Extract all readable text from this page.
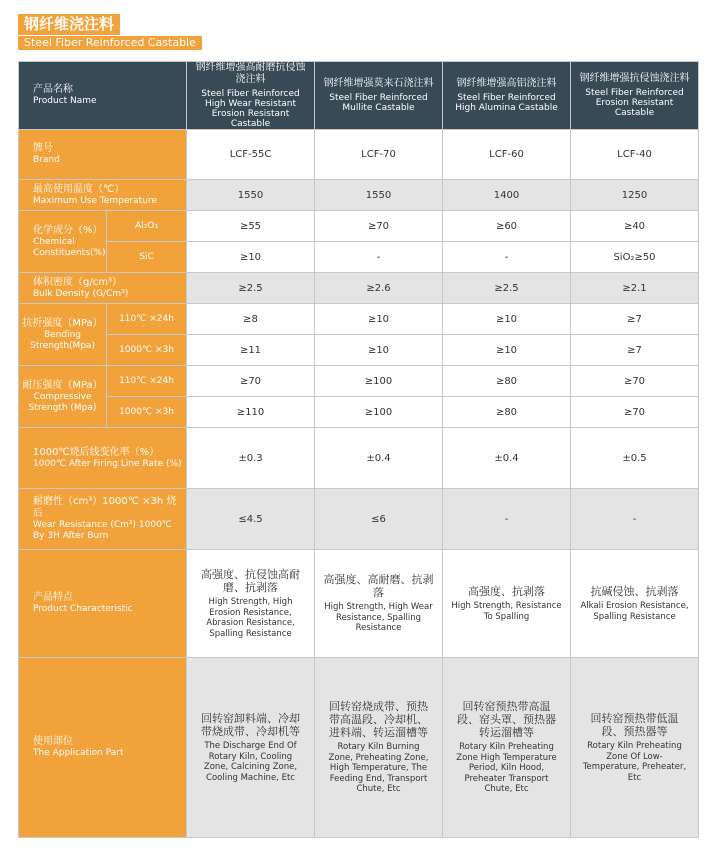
钢纤维浇注料
Steel Fiber Reinforced Castable
产品名称
Product Name		钢纤维增强高耐磨抗侵蚀浇注料
Steel Fiber Reinforced High Wear Resistant Erosion Resistant Castable	钢纤维增强莫来石浇注料
Steel Fiber Reinforced Mullite Castable	钢纤维增强高铝浇注料
Steel Fiber Reinforced High Alumina Castable	钢纤维增强抗侵蚀浇注料
Steel Fiber Reinforced Erosion Resistant Castable
牌号
Brand		LCF-55C	LCF-70	LCF-60	LCF-40
最高使用温度（℃）
Maximum Use Temperature		1550	1550	1400	1250
化学成分（%）
Chemical Constituents(%)	Al₂O₃	≥55	≥70	≥60	≥40
	SiC	≥10	-	-	SiO₂≥50
体积密度（g/cm³）
Bulk Density (G/Cm³)		≥2.5	≥2.6	≥2.5	≥2.1
抗折强度（MPa）
Bending Strength(Mpa)	110℃ ×24h	≥8	≥10	≥10	≥7
	1000℃ ×3h	≥11	≥10	≥10	≥7
耐压强度（MPa）
Compressive Strength (Mpa)	110℃ ×24h	≥70	≥100	≥80	≥70
	1000℃ ×3h	≥110	≥100	≥80	≥70
1000℃烧后线变化率（%）
1000℃ After Firing Line Rate (%)		±0.3	±0.4	±0.4	±0.5
耐磨性（cm³）1000℃ ×3h 烧后
Wear Resistance (Cm³) 1000℃ By 3H After Burn		≤4.5	≤6	-	-
产品特点
Product Characteristic		高强度、抗侵蚀高耐磨、抗剥落
High Strength, High Erosion Resistance, Abrasion Resistance, Spalling Resistance	高强度、高耐磨、抗剥落
High Strength, High Wear Resistance, Spalling Resistance	高强度、抗剥落
High Strength, Resistance To Spalling	抗碱侵蚀、抗剥落
Alkali Erosion Resistance, Spalling Resistance

使用部位
The Application Part		回转窑卸料端、冷却带烧成带、冷却机等
The Discharge End Of Rotary Kiln, Cooling Zone, Calcining Zone, Cooling Machine, Etc	回转窑烧成带、预热带高温段、冷却机、进料端、转运溜槽等
Rotary Kiln Burning Zone, Preheating Zone, High Temperature, The Feeding End, Transport Chute, Etc	回转窑预热带高温段、窑头罩、预热器转运溜槽等
Rotary Kiln Preheating Zone High Temperature Period, Kiln Hood, Preheater Transport Chute, Etc	回转窑预热带低温段、预热器等
Rotary Kiln Preheating Zone Of Low-Temperature, Preheater, Etc
